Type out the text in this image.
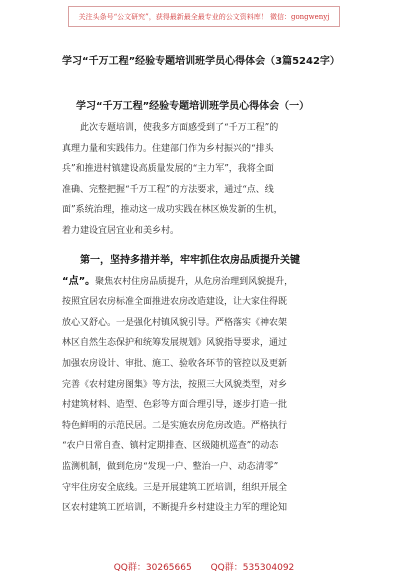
关注头条号“公文研究”，获得最新最全最专业的公文资料库！ 微信：gongwenyj
学习“千万工程”经验专题培训班学员心得体会（3篇5242字）
学习“千万工程”经验专题培训班学员心得体会（一）
此次专题培训，使我多方面感受到了“千万工程”的
真理力量和实践伟力。住建部门作为乡村振兴的“排头
兵”和推进村镇建设高质量发展的“主力军”，我将全面
准确、完整把握“千万工程”的方法要求，通过“点、线
面”系统治理，推动这一成功实践在林区焕发新的生机，
着力建设宜居宜业和美乡村。
第一，坚持多措并举，牢牢抓住农房品质提升关键
“点”。聚焦农村住房品质提升，从危房治理到风貌提升，
按照宜居农房标准全面推进农房改造建设，让大家住得既
放心又舒心。一是强化村镇风貌引导。严格落实《神农架
林区自然生态保护和统筹发展规划》风貌指导要求，通过
加强农房设计、审批、施工、验收各环节的管控以及更新
完善《农村建房图集》等方法，按照三大风貌类型，对乡
村建筑材料、造型、色彩等方面合理引导，逐步打造一批
特色鲜明的示范民居。二是实施农房危房改造。严格执行
“农户日常自查、镇村定期排查、区级随机巡查”的动态
监测机制，做到危房“发现一户、整治一户、动态清零”
守牢住房安全底线。三是开展建筑工匠培训，组织开展全
区农村建筑工匠培训，不断提升乡村建设主力军的理论知
QQ群：30265665 QQ群：535304092
